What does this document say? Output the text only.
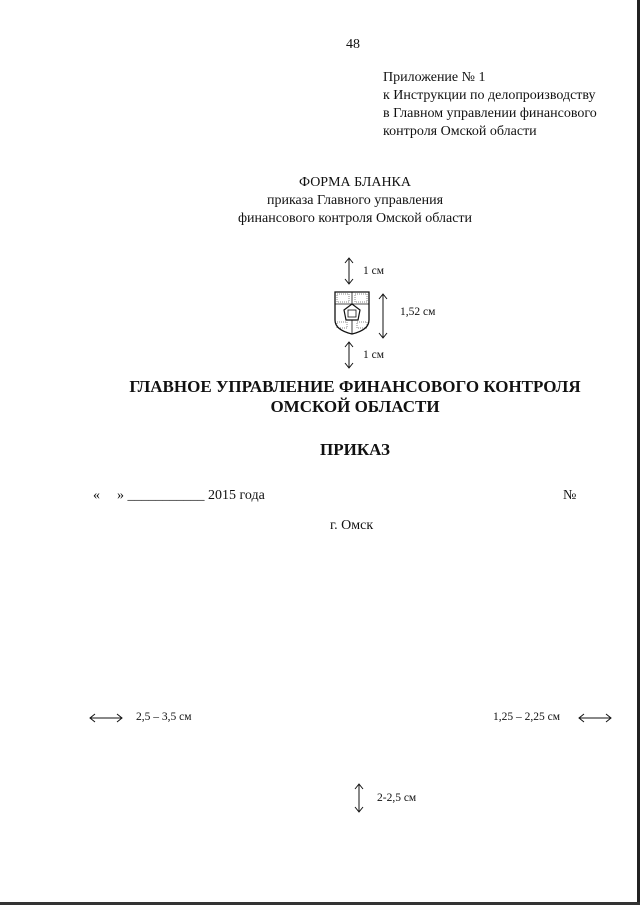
48
Приложение № 1
к Инструкции по делопроизводству
в Главном управлении финансового
контроля Омской области
ФОРМА БЛАНКА
приказа Главного управления
финансового контроля Омской области
1 см
1,52 см
1 см
ГЛАВНОЕ УПРАВЛЕНИЕ ФИНАНСОВОГО КОНТРОЛЯ
ОМСКОЙ ОБЛАСТИ
ПРИКАЗ
« » ___________ 2015 года	№
г. Омск
2,5 – 3,5 см	1,25 – 2,25 см
2-2,5 см
